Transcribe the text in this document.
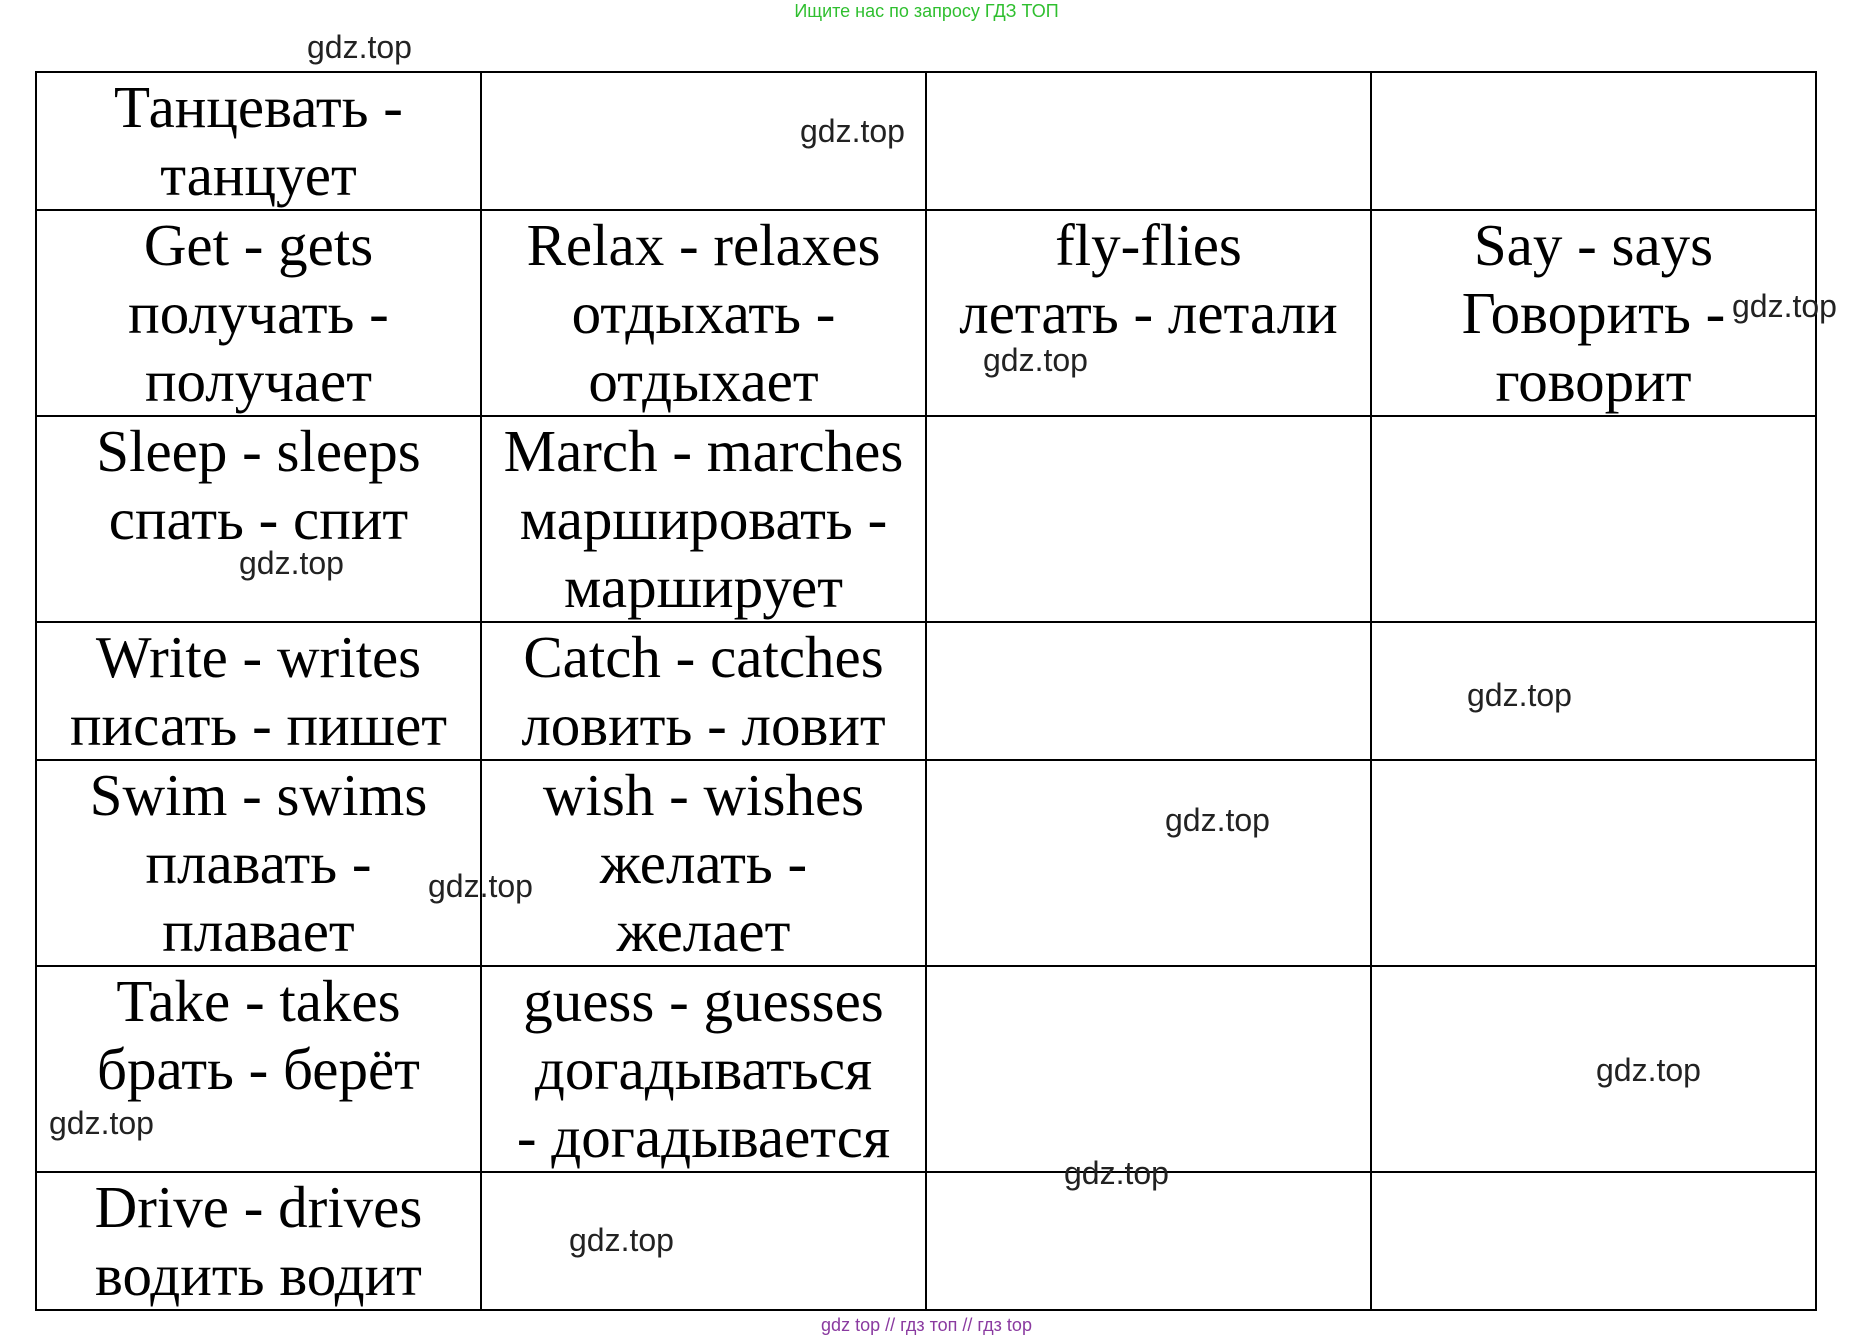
Ищите нас по запросу ГДЗ ТОП
Танцевать -
танцует			

Get - gets
получать -
получает	Relax - relaxes
отдыхать -
отдыхает	fly-flies
летать - летали	Say - says
Говорить -
говорит

Sleep - sleeps
спать - спит	March - marches
маршировать -
марширует		

Write - writes
писать - пишет	Catch - catches
ловить - ловит		

Swim - swims
плавать -
плавает	wish - wishes
желать -
желает		

Take - takes
брать - берёт	guess - guesses
догадываться
- догадывается		

Drive - drives
водить водит			

gdz.top
gdz.top
gdz.top
gdz.top
gdz.top
gdz.top
gdz.top
gdz.top
gdz.top
gdz.top
gdz.top
gdz.top
gdz top // гдз топ // гдз top
